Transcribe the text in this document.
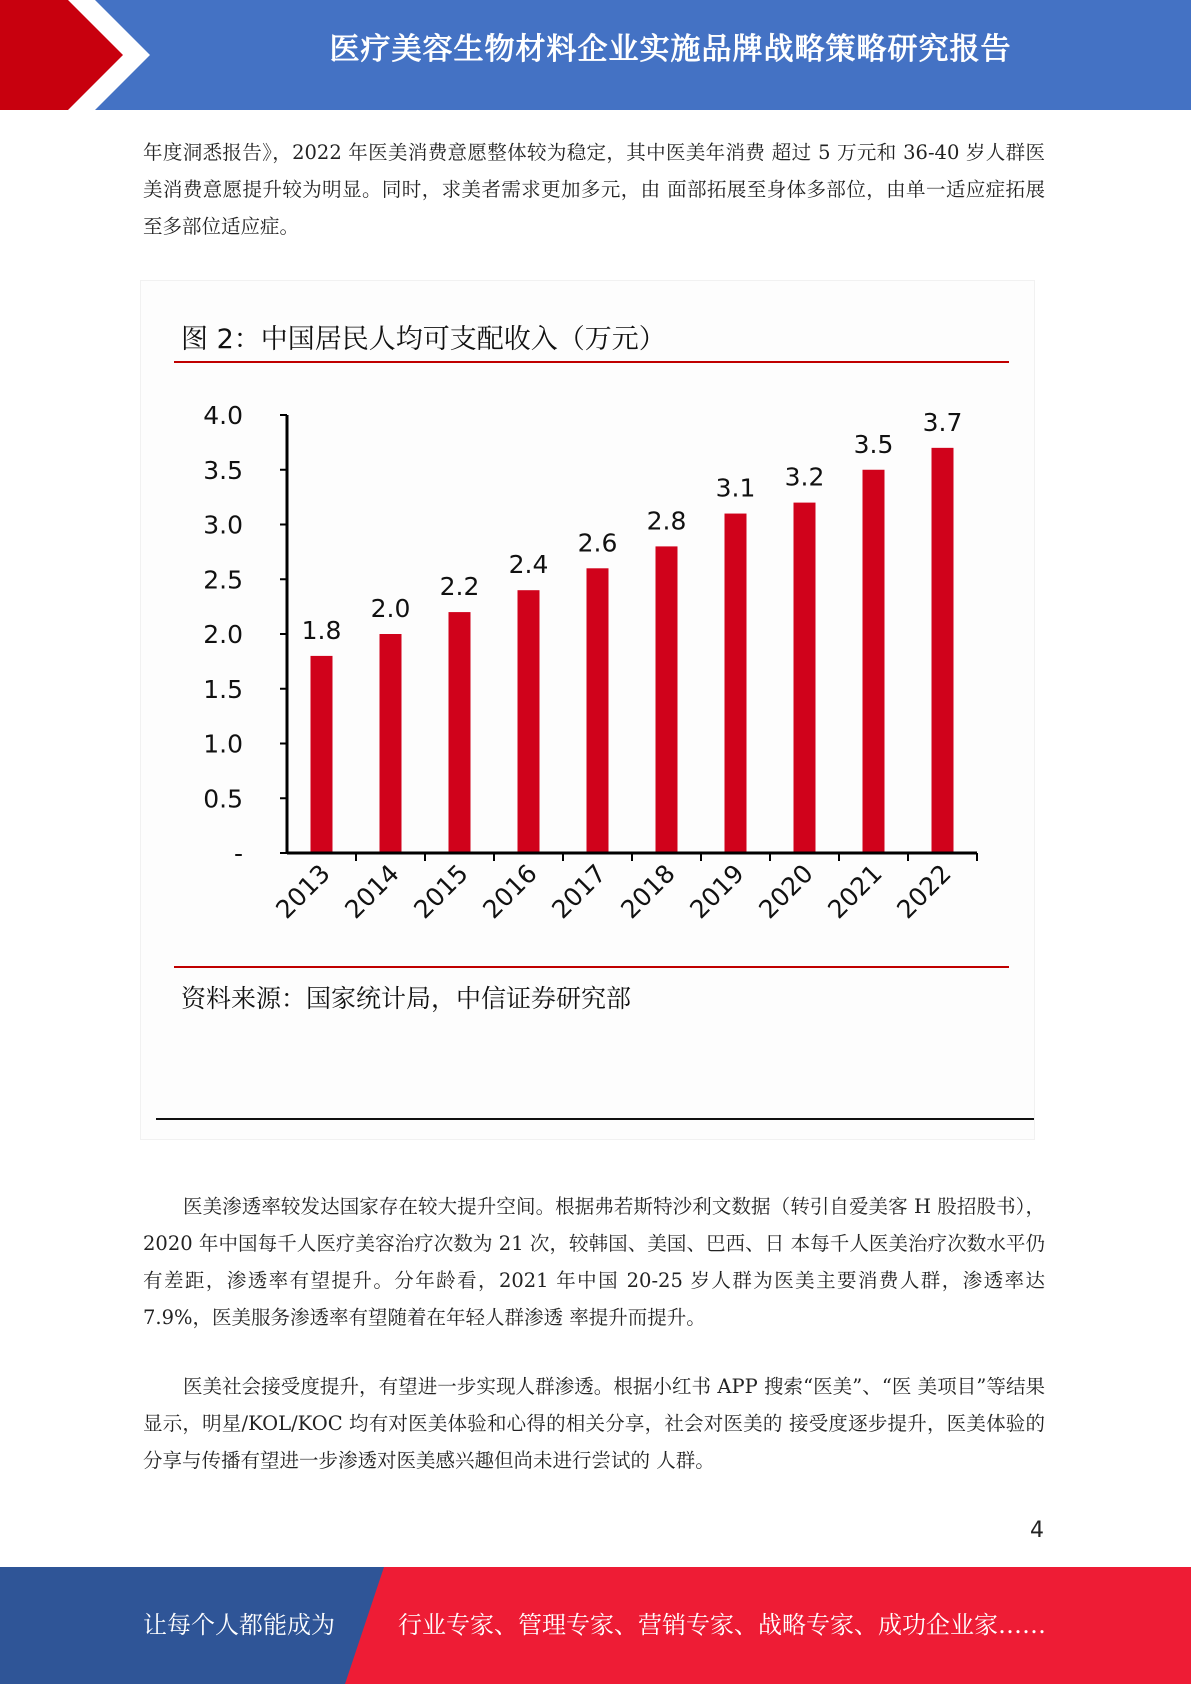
医疗美容生物材料企业实施品牌战略策略研究报告

年度洞悉报告》，2022 年医美消费意愿整体较为稳定，其中医美年消费 超过 5 万元和 36-40 岁人群医美消费意愿提升较为明显。同时，求美者需求更加多元，由 面部拓展至身体多部位，由单一适应症拓展至多部位适应症。

图 2：中国居民人均可支配收入（万元）
-
0.5
1.0
1.5
2.0
2.5
3.0
3.5
4.0
1.8
2.0
2.2
2.4
2.6
2.8
3.1 3.2
3.5
3.7
2013 2014 2015 2016 2017 2018 2019 2020 2021 2022
资料来源：国家统计局，中信证券研究部

医美渗透率较发达国家存在较大提升空间。根据弗若斯特沙利文数据（转引自爱美客 H 股招股书），2020 年中国每千人医疗美容治疗次数为 21 次，较韩国、美国、巴西、日 本每千人医美治疗次数水平仍有差距，渗透率有望提升。分年龄看，2021 年中国 20-25 岁人群为医美主要消费人群，渗透率达 7.9%，医美服务渗透率有望随着在年轻人群渗透 率提升而提升。

医美社会接受度提升，有望进一步实现人群渗透。根据小红书 APP 搜索“医美”、“医 美项目”等结果显示，明星/KOL/KOC 均有对医美体验和心得的相关分享，社会对医美的 接受度逐步提升，医美体验的分享与传播有望进一步渗透对医美感兴趣但尚未进行尝试的 人群。

4
让每个人都能成为	行业专家、管理专家、营销专家、战略专家、成功企业家……
